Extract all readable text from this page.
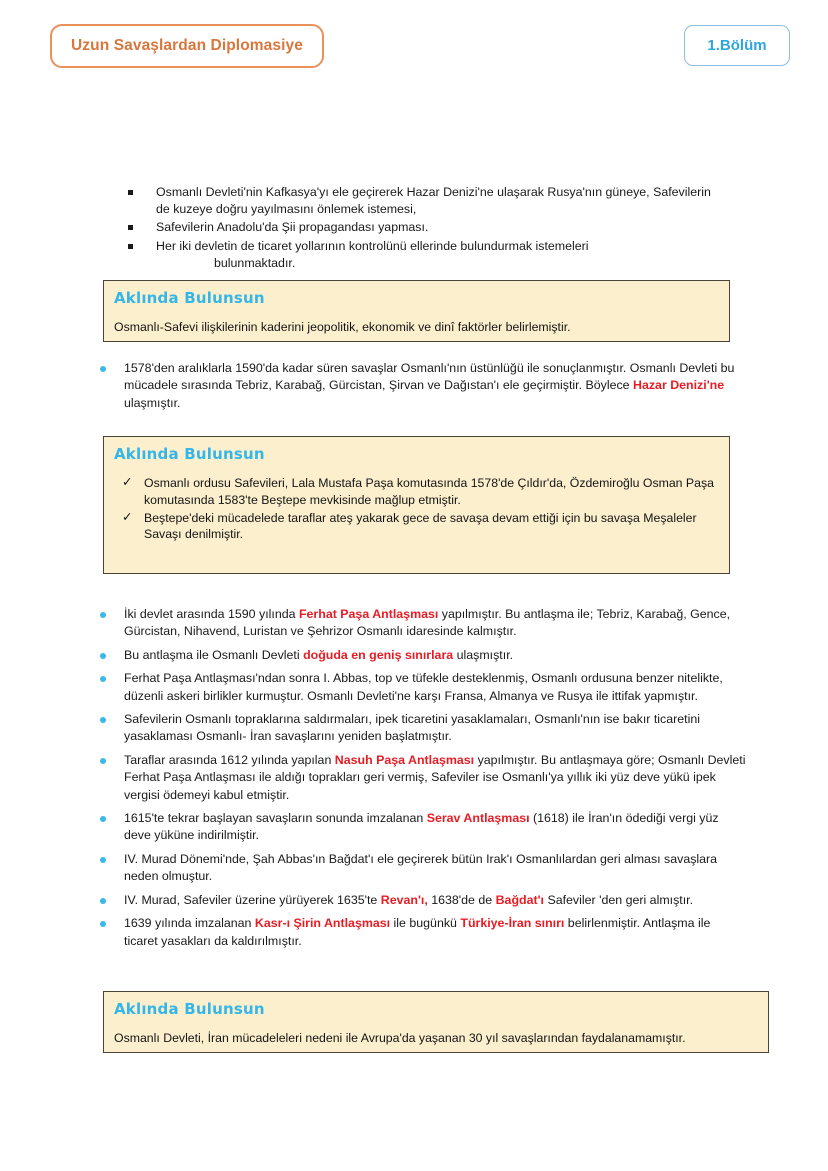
Uzun Savaşlardan Diplomasiye	1.Bölüm
Osmanlı Devleti'nin Kafkasya'yı ele geçirerek Hazar Denizi'ne ulaşarak Rusya'nın güneye, Safevilerin de kuzeye doğru yayılmasını önlemek istemesi,
Safevilerin Anadolu'da Şii propagandası yapması.
Her iki devletin de ticaret yollarının kontrolünü ellerinde bulundurmak istemeleri
bulunmaktadır.
Aklında Bulunsun

Osmanlı-Safevi ilişkilerinin kaderini jeopolitik, ekonomik ve dinî faktörler belirlemiştir.

1578'den aralıklarla 1590'da kadar süren savaşlar Osmanlı'nın üstünlüğü ile sonuçlanmıştır. Osmanlı Devleti bu mücadele sırasında Tebriz, Karabağ, Gürcistan, Şirvan ve Dağıstan'ı ele geçirmiştir. Böylece Hazar Denizi'ne ulaşmıştır.
Aklında Bulunsun
✓ Osmanlı ordusu Safevileri, Lala Mustafa Paşa komutasında 1578'de Çıldır'da, Özdemiroğlu Osman Paşa komutasında 1583'te Beştepe mevkisinde mağlup etmiştir.
✓ Beştepe'deki mücadelede taraflar ateş yakarak gece de savaşa devam ettiği için bu savaşa Meşaleler Savaşı denilmiştir.
İki devlet arasında 1590 yılında Ferhat Paşa Antlaşması yapılmıştır. Bu antlaşma ile; Tebriz, Karabağ, Gence, Gürcistan, Nihavend, Luristan ve Şehrizor Osmanlı idaresinde kalmıştır.
Bu antlaşma ile Osmanlı Devleti doğuda en geniş sınırlara ulaşmıştır.
Ferhat Paşa Antlaşması'ndan sonra I. Abbas, top ve tüfekle desteklenmiş, Osmanlı ordusuna benzer nitelikte, düzenli askeri birlikler kurmuştur. Osmanlı Devleti'ne karşı Fransa, Almanya ve Rusya ile ittifak yapmıştır.
Safevilerin Osmanlı topraklarına saldırmaları, ipek ticaretini yasaklamaları, Osmanlı'nın ise bakır ticaretini yasaklaması Osmanlı- İran savaşlarını yeniden başlatmıştır.
Taraflar arasında 1612 yılında yapılan Nasuh Paşa Antlaşması yapılmıştır. Bu antlaşmaya göre; Osmanlı Devleti Ferhat Paşa Antlaşması ile aldığı toprakları geri vermiş, Safeviler ise Osmanlı'ya yıllık iki yüz deve yükü ipek vergisi ödemeyi kabul etmiştir.
1615'te tekrar başlayan savaşların sonunda imzalanan Serav Antlaşması (1618) ile İran'ın ödediği vergi yüz deve yüküne indirilmiştir.
IV. Murad Dönemi'nde, Şah Abbas'ın Bağdat'ı ele geçirerek bütün Irak'ı Osmanlılardan geri alması savaşlara neden olmuştur.
IV. Murad, Safeviler üzerine yürüyerek 1635'te Revan'ı, 1638'de de Bağdat'ı Safeviler 'den geri almıştır.
1639 yılında imzalanan Kasr-ı Şirin Antlaşması ile bugünkü Türkiye-İran sınırı belirlenmiştir. Antlaşma ile ticaret yasakları da kaldırılmıştır.
Aklında Bulunsun

Osmanlı Devleti, İran mücadeleleri nedeni ile Avrupa'da yaşanan 30 yıl savaşlarından faydalanamamıştır.
